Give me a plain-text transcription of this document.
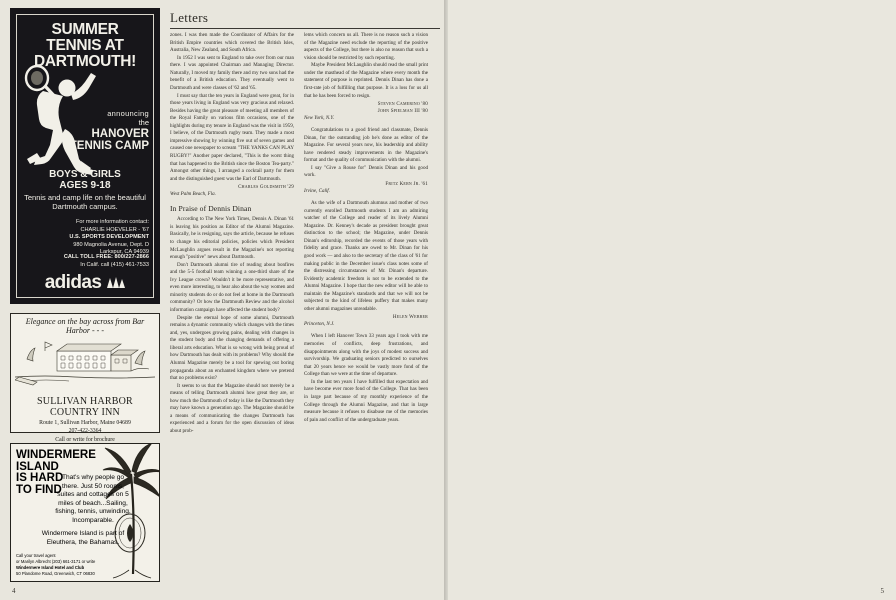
SUMMER TENNIS AT DARTMOUTH!
announcing
the
HANOVER TENNIS CAMP
BOYS & GIRLS
AGES 9-18
Tennis and camp life on the beautiful Dartmouth campus.
For more information contact:
CHARLIE HOEVELER - '67
U.S. SPORTS DEVELOPMENT
980 Magnolia Avenue, Dept. D
Larkspur, CA 94939
CALL TOLL FREE: 800/227-2866
In Calif. call (415) 461-7533
adidas
Elegance on the bay across from Bar Harbor - - -
SULLIVAN HARBOR
COUNTRY INN
Route 1, Sullivan Harbor, Maine 04689
207-422-3364
Call or write for brochure
WINDERMERE ISLAND IS HARD TO FIND
That's why people go there. Just 50 rooms, suites and cottages on 5 miles of beach...Sailing, fishing, tennis, unwinding. Incomparable.
Windermere Island is part of Eleuthera, the Bahamas.
Call your travel agent
or Marilyn Albrecht (203) 661-3171 or write
Windermere Island Hotel and Club
50 Plandome Road, Greenwich, CT 06830
Letters

zones. I was then made the Coordinator of Affairs for the British Empire countries which covered the British Isles, Australia, New Zealand, and South Africa.

In 1952 I was sent to England to take over from our man there. I was appointed Chairman and Managing Director. Naturally, I moved my family there and my two sons had the benefit of a British education. They eventually went to Dartmouth and were classes of '62 and '65.

I must say that the ten years in England were great, for in those years living in England was very gracious and relaxed. Besides having the great pleasure of meeting all members of the Royal Family on various film occasions, one of the highlights during my tenure in England was the visit in 1959, I believe, of the Dartmouth rugby team. They made a most impressive showing by winning five out of seven games and caused one newspaper to scream "THE YANKS CAN PLAY RUGBY!" Another paper declared, "This is the worst thing that has happened to the British since the Boston Tea-party." Amongst other things, I arranged a cocktail party for them and the distinguished guest was the Earl of Dartmouth.

Charles Goldsmith '29

West Palm Beach, Fla.

In Praise of Dennis Dinan

According to The New York Times, Dennis A. Dinan '61 is leaving his position as Editor of the Alumni Magazine. Basically, he is resigning, says the article, because he refuses to change his editorial policies, policies which President McLaughlin argues result in the Magazine's not reporting enough "positive" news about Dartmouth.

Don't Dartmouth alumni tire of reading about bonfires and the 5-5 football team winning a one-third share of the Ivy League crown? Wouldn't it be more representative, and even more interesting, to hear also about the way women and minority students do or do not feel at home in the Dartmouth community? Or how the Dartmouth Review and the alcohol information campaign have affected the student body?

Despite the eternal hope of some alumni, Dartmouth remains a dynamic community which changes with the times and, yes, undergoes growing pains, dealing with changes in the student body and the changing demands of offering a liberal arts education. What is so wrong with being proud of how Dartmouth has dealt with its problems? Why should the Alumni Magazine merely be a tool for spewing out boring propaganda about an enchanted kingdom where we pretend that no problems exist?

It seems to us that the Magazine should not merely be a means of telling Dartmouth alumni how great they are, or how much the Dartmouth of today is like the Dartmouth they may have known a generation ago. The Magazine should be a means of communicating the changes Dartmouth has experienced and a forum for the open discussion of ideas about prob-

lems which concern us all. There is no reason such a vision of the Magazine need exclude the reporting of the positive aspects of the College, but there is also no reason that such a vision should be restricted by such reporting.

Maybe President McLaughlin should read the small print under the masthead of the Magazine where every month the statement of purpose is reprinted. Dennis Dinan has done a first-rate job of fulfilling that purpose. It is a loss for us all that he has been forced to resign.

Steven Camerino '80

John Spielman III '80

New York, N.Y.

Congratulations to a good friend and classmate, Dennis Dinan, for the outstanding job he's done as editor of the Magazine. For several years now, his leadership and ability have rendered steady improvements in the Magazine's format and the quality of communication with the alumni.

I say "Give a Rouse for" Dennis Dinan and his good work.

Fritz Kern Jr. '61

Irvine, Calif.

As the wife of a Dartmouth alumnus and mother of two currently enrolled Dartmouth students I am an admiring watcher of the College and reader of its lively Alumni Magazine. Dr. Kenney's decade as president brought great distinction to the school; the Magazine, under Dennis Dinan's editorship, recorded the events of those years with fidelity and grace. Thanks are owed to Mr. Dinan for his good work — and also to the secretary of the class of '61 for making public in the December issue's class notes some of the distressing circumstances of Mr. Dinan's departure. Evidently academic freedom is not to be extended to the Alumni Magazine. I hope that the new editor will be able to maintain the Magazine's standards and that we will not be subjected to the kind of lifeless puffery that makes many other alumni magazines unreadable.

Helen Webber

Princeton, N.J.

When I left Hanover Town 33 years ago I took with me memories of conflicts, deep frustrations, and disappointments along with the joys of modest success and survivorship. We graduating seniors predicted to ourselves that 20 years hence we would be vastly more fond of the College than we were at the time of departure.

In the last ten years I have fulfilled that expectation and have become ever more fond of the College. That has been in large part because of my monthly experience of the College through the Alumni Magazine, and that in large measure because it refuses to disabuse me of the memories of pain and conflict of the undergraduate years.

4	5
